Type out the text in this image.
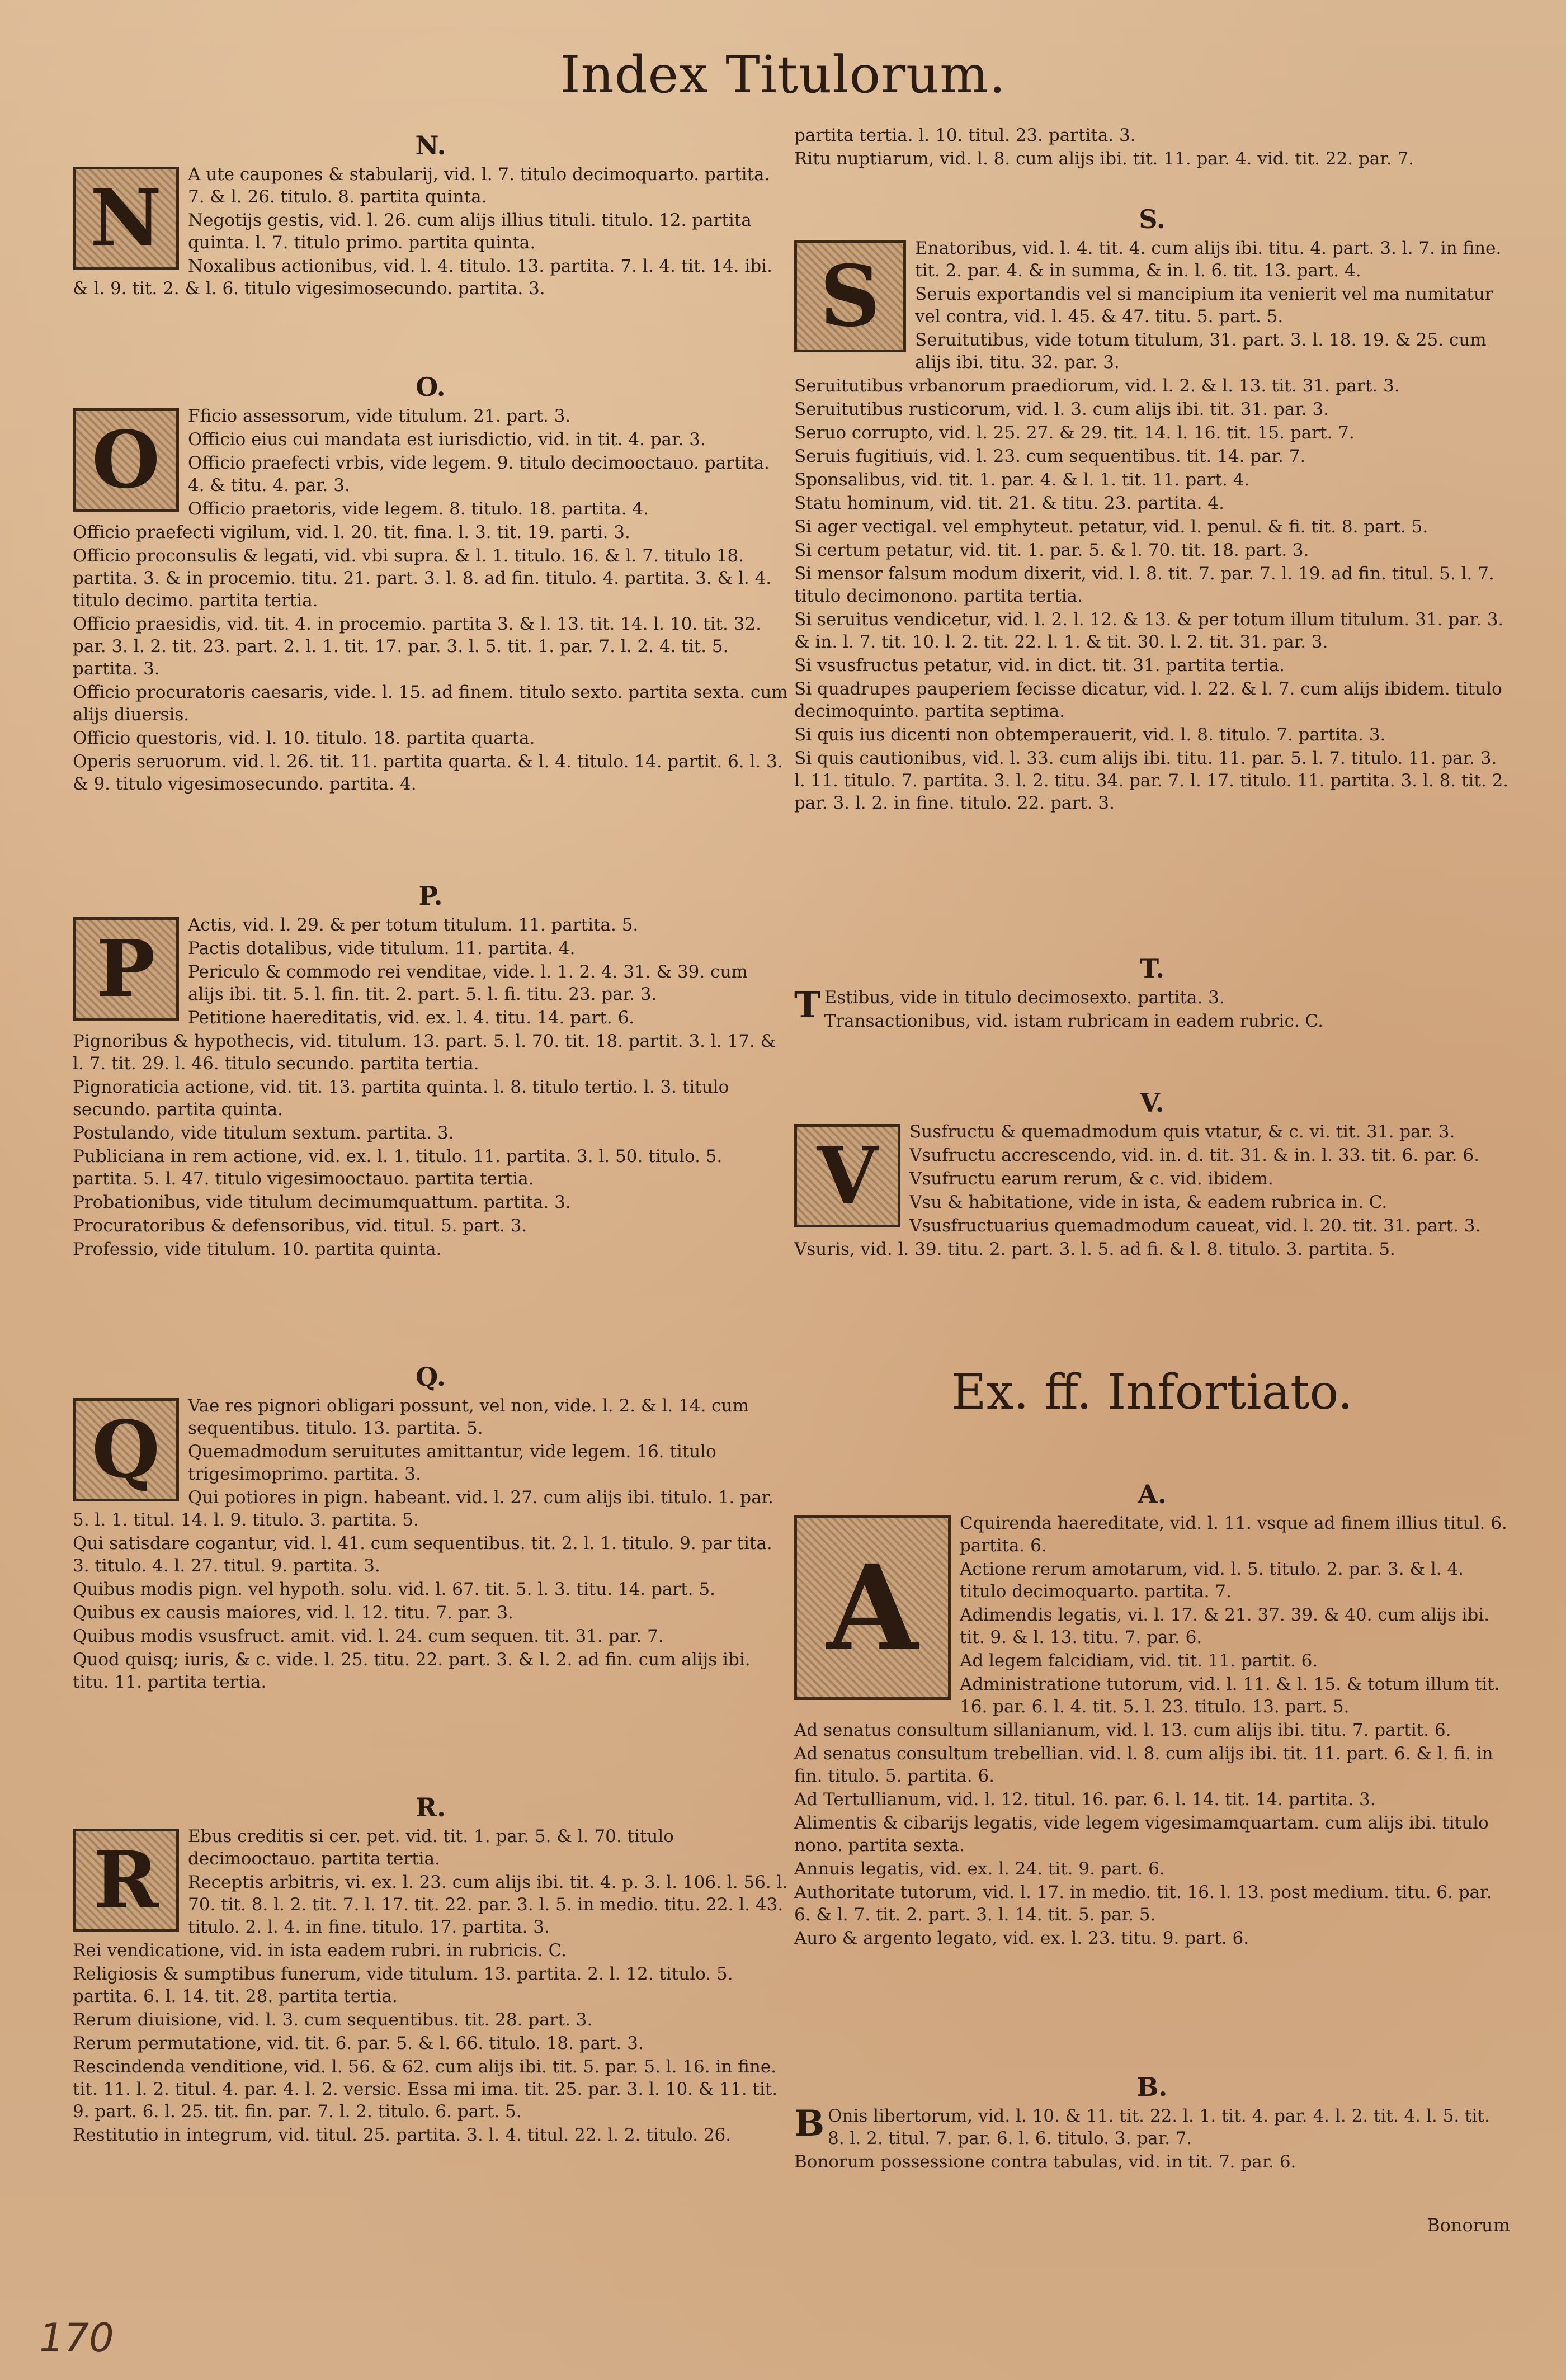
Index Titulorum.
N.
N	A ute caupones & stabularij, vid. l. 7. titulo decimoquarto. partita. 7. & l. 26. titulo. 8. partita quinta.

Negotijs gestis, vid. l. 26. cum alijs illius tituli. titulo. 12. partita quinta. l. 7. titulo primo. partita quinta.

Noxalibus actionibus, vid. l. 4. titulo. 13. partita. 7. l. 4. tit. 14. ibi. & l. 9. tit. 2. & l. 6. titulo vigesimosecundo. partita. 3.

O.
O	Fficio assessorum, vide titulum. 21. part. 3.

Officio eius cui mandata est iurisdictio, vid. in tit. 4. par. 3.

Officio praefecti vrbis, vide legem. 9. titulo decimooctauo. partita. 4. & titu. 4. par. 3.

Officio praetoris, vide legem. 8. titulo. 18. partita. 4.

Officio praefecti vigilum, vid. l. 20. tit. fina. l. 3. tit. 19. parti. 3.

Officio proconsulis & legati, vid. vbi supra. & l. 1. titulo. 16. & l. 7. titulo 18. partita. 3. & in procemio. titu. 21. part. 3. l. 8. ad fin. titulo. 4. partita. 3. & l. 4. titulo decimo. partita tertia.

Officio praesidis, vid. tit. 4. in procemio. partita 3. & l. 13. tit. 14. l. 10. tit. 32. par. 3. l. 2. tit. 23. part. 2. l. 1. tit. 17. par. 3. l. 5. tit. 1. par. 7. l. 2. 4. tit. 5. partita. 3.

Officio procuratoris caesaris, vide. l. 15. ad finem. titulo sexto. partita sexta. cum alijs diuersis.

Officio questoris, vid. l. 10. titulo. 18. partita quarta.

Operis seruorum. vid. l. 26. tit. 11. partita quarta. & l. 4. titulo. 14. partit. 6. l. 3. & 9. titulo vigesimosecundo. partita. 4.

P.
P	Actis, vid. l. 29. & per totum titulum. 11. partita. 5.

Pactis dotalibus, vide titulum. 11. partita. 4.

Periculo & commodo rei venditae, vide. l. 1. 2. 4. 31. & 39. cum alijs ibi. tit. 5. l. fin. tit. 2. part. 5. l. fi. titu. 23. par. 3.

Petitione haereditatis, vid. ex. l. 4. titu. 14. part. 6.

Pignoribus & hypothecis, vid. titulum. 13. part. 5. l. 70. tit. 18. partit. 3. l. 17. & l. 7. tit. 29. l. 46. titulo secundo. partita tertia.

Pignoraticia actione, vid. tit. 13. partita quinta. l. 8. titulo tertio. l. 3. titulo secundo. partita quinta.

Postulando, vide titulum sextum. partita. 3.

Publiciana in rem actione, vid. ex. l. 1. titulo. 11. partita. 3. l. 50. titulo. 5. partita. 5. l. 47. titulo vigesimooctauo. partita tertia.

Probationibus, vide titulum decimumquattum. partita. 3.

Procuratoribus & defensoribus, vid. titul. 5. part. 3.

Professio, vide titulum. 10. partita quinta.

Q.
Q	Vae res pignori obligari possunt, vel non, vide. l. 2. & l. 14. cum sequentibus. titulo. 13. partita. 5.

Quemadmodum seruitutes amittantur, vide legem. 16. titulo trigesimoprimo. partita. 3.

Qui potiores in pign. habeant. vid. l. 27. cum alijs ibi. titulo. 1. par. 5. l. 1. titul. 14. l. 9. titulo. 3. partita. 5.

Qui satisdare cogantur, vid. l. 41. cum sequentibus. tit. 2. l. 1. titulo. 9. par tita. 3. titulo. 4. l. 27. titul. 9. partita. 3.

Quibus modis pign. vel hypoth. solu. vid. l. 67. tit. 5. l. 3. titu. 14. part. 5.

Quibus ex causis maiores, vid. l. 12. titu. 7. par. 3.

Quibus modis vsusfruct. amit. vid. l. 24. cum sequen. tit. 31. par. 7.

Quod quisq; iuris, & c. vide. l. 25. titu. 22. part. 3. & l. 2. ad fin. cum alijs ibi. titu. 11. partita tertia.

R.
R	Ebus creditis si cer. pet. vid. tit. 1. par. 5. & l. 70. titulo decimooctauo. partita tertia.

Receptis arbitris, vi. ex. l. 23. cum alijs ibi. tit. 4. p. 3. l. 106. l. 56. l. 70. tit. 8. l. 2. tit. 7. l. 17. tit. 22. par. 3. l. 5. in medio. titu. 22. l. 43. titulo. 2. l. 4. in fine. titulo. 17. partita. 3.

Rei vendicatione, vid. in ista eadem rubri. in rubricis. C.

Religiosis & sumptibus funerum, vide titulum. 13. partita. 2. l. 12. titulo. 5. partita. 6. l. 14. tit. 28. partita tertia.

Rerum diuisione, vid. l. 3. cum sequentibus. tit. 28. part. 3.

Rerum permutatione, vid. tit. 6. par. 5. & l. 66. titulo. 18. part. 3.

Rescindenda venditione, vid. l. 56. & 62. cum alijs ibi. tit. 5. par. 5. l. 16. in fine. tit. 11. l. 2. titul. 4. par. 4. l. 2. versic. Essa mi ima. tit. 25. par. 3. l. 10. & 11. tit. 9. part. 6. l. 25. tit. fin. par. 7. l. 2. titulo. 6. part. 5.

Restitutio in integrum, vid. titul. 25. partita. 3. l. 4. titul. 22. l. 2. titulo. 26.

partita tertia. l. 10. titul. 23. partita. 3.

Ritu nuptiarum, vid. l. 8. cum alijs ibi. tit. 11. par. 4. vid. tit. 22. par. 7.

S.
S	Enatoribus, vid. l. 4. tit. 4. cum alijs ibi. titu. 4. part. 3. l. 7. in fine. tit. 2. par. 4. & in summa, & in. l. 6. tit. 13. part. 4.

Seruis exportandis vel si mancipium ita venierit vel ma numitatur vel contra, vid. l. 45. & 47. titu. 5. part. 5.

Seruitutibus, vide totum titulum, 31. part. 3. l. 18. 19. & 25. cum alijs ibi. titu. 32. par. 3.

Seruitutibus vrbanorum praediorum, vid. l. 2. & l. 13. tit. 31. part. 3.

Seruitutibus rusticorum, vid. l. 3. cum alijs ibi. tit. 31. par. 3.

Seruo corrupto, vid. l. 25. 27. & 29. tit. 14. l. 16. tit. 15. part. 7.

Seruis fugitiuis, vid. l. 23. cum sequentibus. tit. 14. par. 7.

Sponsalibus, vid. tit. 1. par. 4. & l. 1. tit. 11. part. 4.

Statu hominum, vid. tit. 21. & titu. 23. partita. 4.

Si ager vectigal. vel emphyteut. petatur, vid. l. penul. & fi. tit. 8. part. 5.

Si certum petatur, vid. tit. 1. par. 5. & l. 70. tit. 18. part. 3.

Si mensor falsum modum dixerit, vid. l. 8. tit. 7. par. 7. l. 19. ad fin. titul. 5. l. 7. titulo decimonono. partita tertia.

Si seruitus vendicetur, vid. l. 2. l. 12. & 13. & per totum illum titulum. 31. par. 3. & in. l. 7. tit. 10. l. 2. tit. 22. l. 1. & tit. 30. l. 2. tit. 31. par. 3.

Si vsusfructus petatur, vid. in dict. tit. 31. partita tertia.

Si quadrupes pauperiem fecisse dicatur, vid. l. 22. & l. 7. cum alijs ibidem. titulo decimoquinto. partita septima.

Si quis ius dicenti non obtemperauerit, vid. l. 8. titulo. 7. partita. 3.

Si quis cautionibus, vid. l. 33. cum alijs ibi. titu. 11. par. 5. l. 7. titulo. 11. par. 3. l. 11. titulo. 7. partita. 3. l. 2. titu. 34. par. 7. l. 17. titulo. 11. partita. 3. l. 8. tit. 2. par. 3. l. 2. in fine. titulo. 22. part. 3.

T.
T Estibus, vide in titulo decimosexto. partita. 3.

Transactionibus, vid. istam rubricam in eadem rubric. C.

V.
V	Susfructu & quemadmodum quis vtatur, & c. vi. tit. 31. par. 3.

Vsufructu accrescendo, vid. in. d. tit. 31. & in. l. 33. tit. 6. par. 6.

Vsufructu earum rerum, & c. vid. ibidem.

Vsu & habitatione, vide in ista, & eadem rubrica in. C.

Vsusfructuarius quemadmodum caueat, vid. l. 20. tit. 31. part. 3.

Vsuris, vid. l. 39. titu. 2. part. 3. l. 5. ad fi. & l. 8. titulo. 3. partita. 5.

Ex. ff. Infortiato.
A.
A

Cquirenda haereditate, vid. l. 11. vsque ad finem illius titul. 6. partita. 6.

Actione rerum amotarum, vid. l. 5. titulo. 2. par. 3. & l. 4. titulo decimoquarto. partita. 7.

Adimendis legatis, vi. l. 17. & 21. 37. 39. & 40. cum alijs ibi. tit. 9. & l. 13. titu. 7. par. 6.

Ad legem falcidiam, vid. tit. 11. partit. 6.

Administratione tutorum, vid. l. 11. & l. 15. & totum illum tit. 16. par. 6. l. 4. tit. 5. l. 23. titulo. 13. part. 5.

Ad senatus consultum sillanianum, vid. l. 13. cum alijs ibi. titu. 7. partit. 6.

Ad senatus consultum trebellian. vid. l. 8. cum alijs ibi. tit. 11. part. 6. & l. fi. in fin. titulo. 5. partita. 6.

Ad Tertullianum, vid. l. 12. titul. 16. par. 6. l. 14. tit. 14. partita. 3.

Alimentis & cibarijs legatis, vide legem vigesimamquartam. cum alijs ibi. titulo nono. partita sexta.

Annuis legatis, vid. ex. l. 24. tit. 9. part. 6.

Authoritate tutorum, vid. l. 17. in medio. tit. 16. l. 13. post medium. titu. 6. par. 6. & l. 7. tit. 2. part. 3. l. 14. tit. 5. par. 5.

Auro & argento legato, vid. ex. l. 23. titu. 9. part. 6.

B.
B Onis libertorum, vid. l. 10. & 11. tit. 22. l. 1. tit. 4. par. 4. l. 2. tit. 4. l. 5. tit. 8. l. 2. titul. 7. par. 6. l. 6. titulo. 3. par. 7.

Bonorum possessione contra tabulas, vid. in tit. 7. par. 6.

Bonorum
170
